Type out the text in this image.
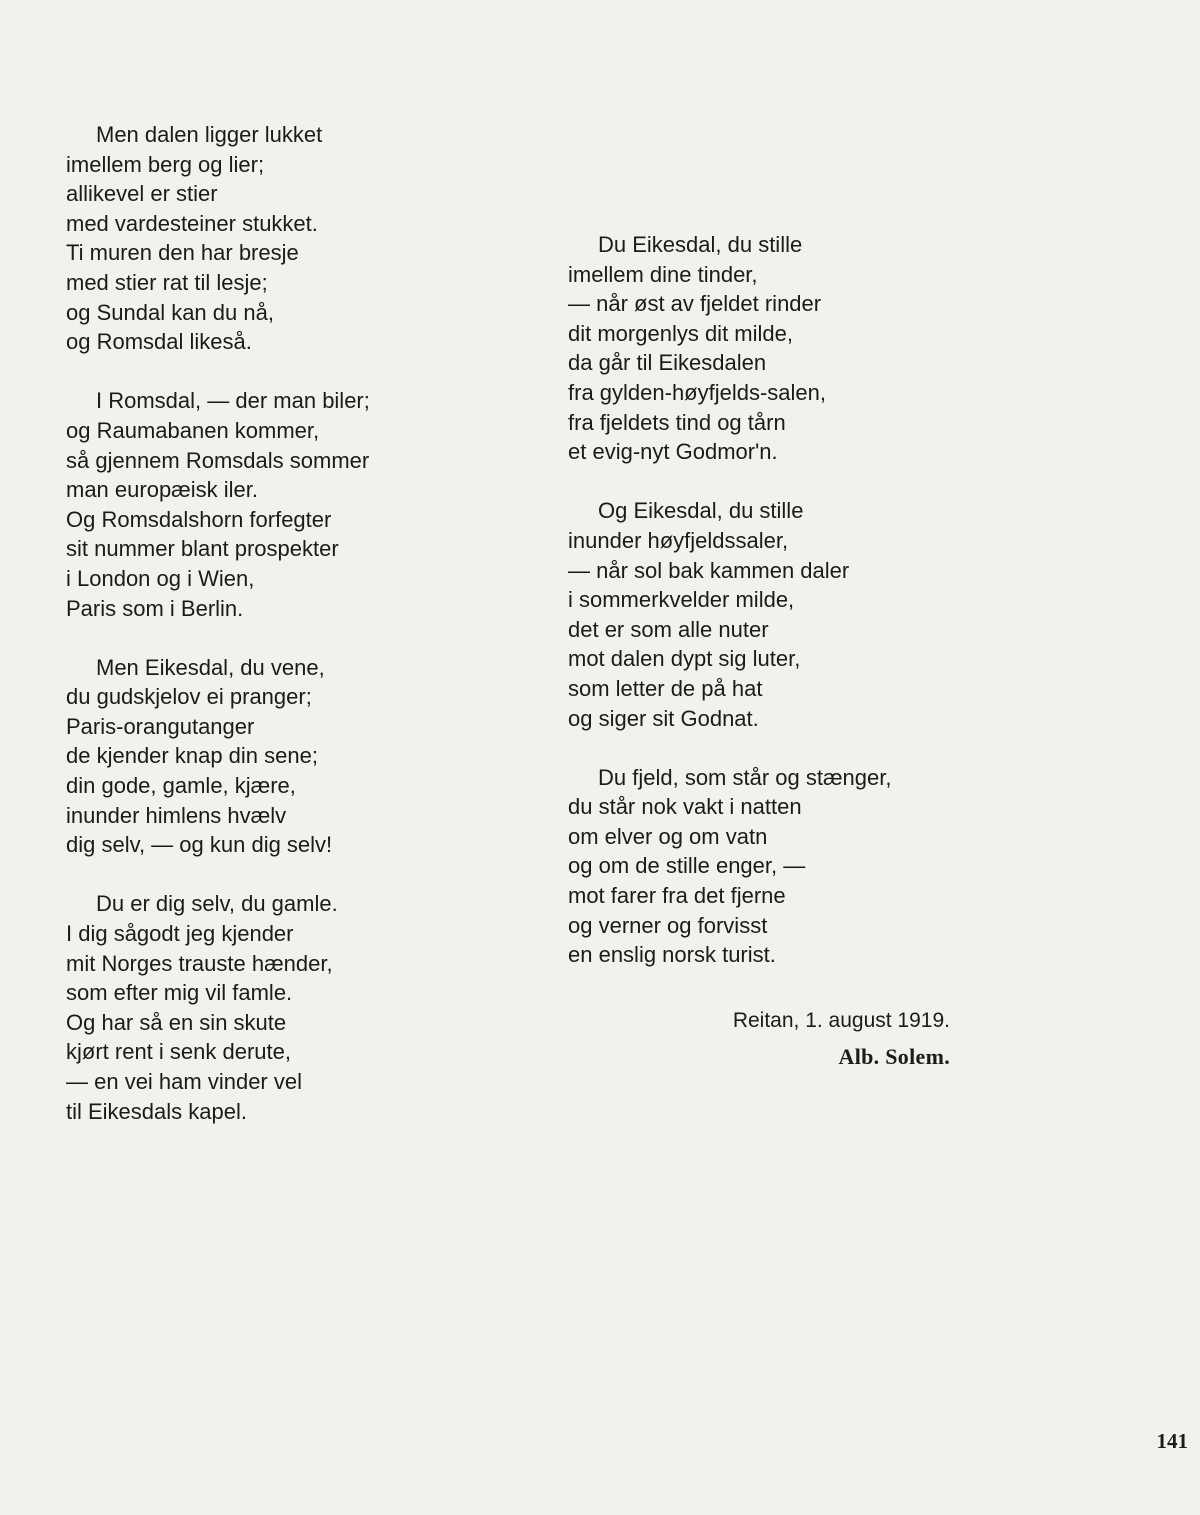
Men dalen ligger lukket
imellem berg og lier;
allikevel er stier
med vardesteiner stukket.
Ti muren den har bresje
med stier rat til lesje;
og Sundal kan du nå,
og Romsdal likeså.
I Romsdal, — der man biler;
og Raumabanen kommer,
så gjennem Romsdals sommer
man europæisk iler.
Og Romsdalshorn forfegter
sit nummer blant prospekter
i London og i Wien,
Paris som i Berlin.
Men Eikesdal, du vene,
du gudskjelov ei pranger;
Paris-orangutanger
de kjender knap din sene;
din gode, gamle, kjære,
inunder himlens hvælv
dig selv, — og kun dig selv!
Du er dig selv, du gamle.
I dig sågodt jeg kjender
mit Norges trauste hænder,
som efter mig vil famle.
Og har så en sin skute
kjørt rent i senk derute,
— en vei ham vinder vel
til Eikesdals kapel.
Du Eikesdal, du stille
imellem dine tinder,
— når øst av fjeldet rinder
dit morgenlys dit milde,
da går til Eikesdalen
fra gylden-høyfjelds-salen,
fra fjeldets tind og tårn
et evig-nyt Godmor'n.
Og Eikesdal, du stille
inunder høyfjeldssaler,
— når sol bak kammen daler
i sommerkvelder milde,
det er som alle nuter
mot dalen dypt sig luter,
som letter de på hat
og siger sit Godnat.
Du fjeld, som står og stænger,
du står nok vakt i natten
om elver og om vatn
og om de stille enger, —
mot farer fra det fjerne
og verner og forvisst
en enslig norsk turist.
Reitan, 1. august 1919.
Alb. Solem.
141
